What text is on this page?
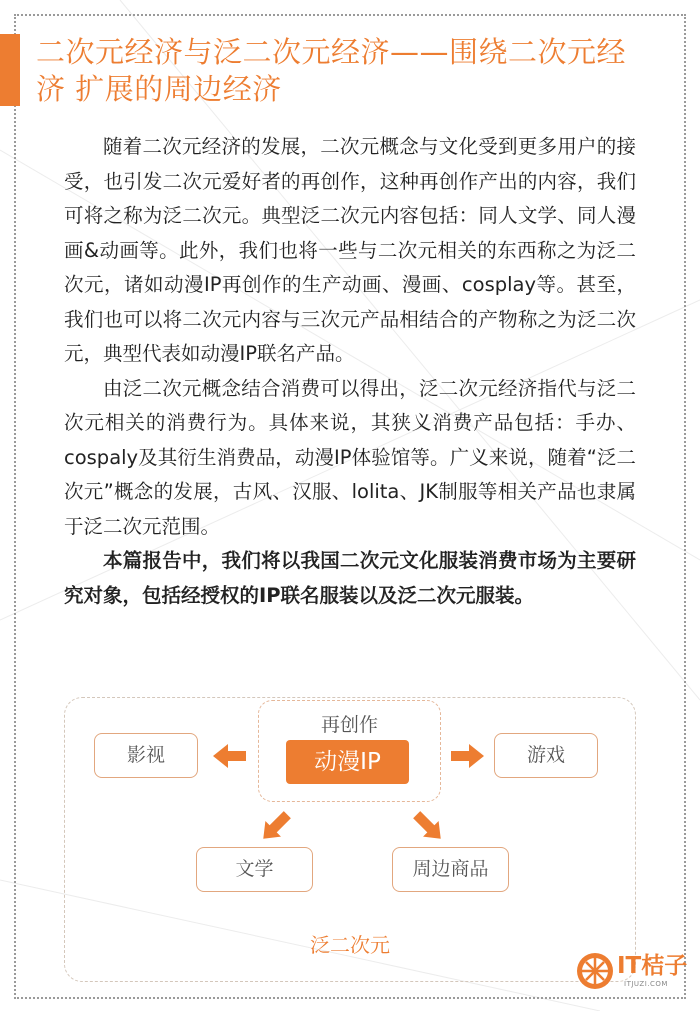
二次元经济与泛二次元经济——围绕二次元经济 扩展的周边经济

随着二次元经济的发展，二次元概念与文化受到更多用户的接受，也引发二次元爱好者的再创作，这种再创作产出的内容，我们可将之称为泛二次元。典型泛二次元内容包括：同人文学、同人漫画&动画等。此外，我们也将一些与二次元相关的东西称之为泛二次元，诸如动漫IP再创作的生产动画、漫画、cosplay等。甚至，我们也可以将二次元内容与三次元产品相结合的产物称之为泛二次元，典型代表如动漫IP联名产品。

由泛二次元概念结合消费可以得出，泛二次元经济指代与泛二次元相关的消费行为。具体来说，其狭义消费产品包括：手办、cospaly及其衍生消费品，动漫IP体验馆等。广义来说，随着“泛二次元”概念的发展，古风、汉服、lolita、JK制服等相关产品也隶属于泛二次元范围。

本篇报告中，我们将以我国二次元文化服装消费市场为主要研究对象，包括经授权的IP联名服装以及泛二次元服装。

再创作
动漫IP
影视	游戏
文学	周边商品
泛二次元
IT桔子
ITJUZI.COM
